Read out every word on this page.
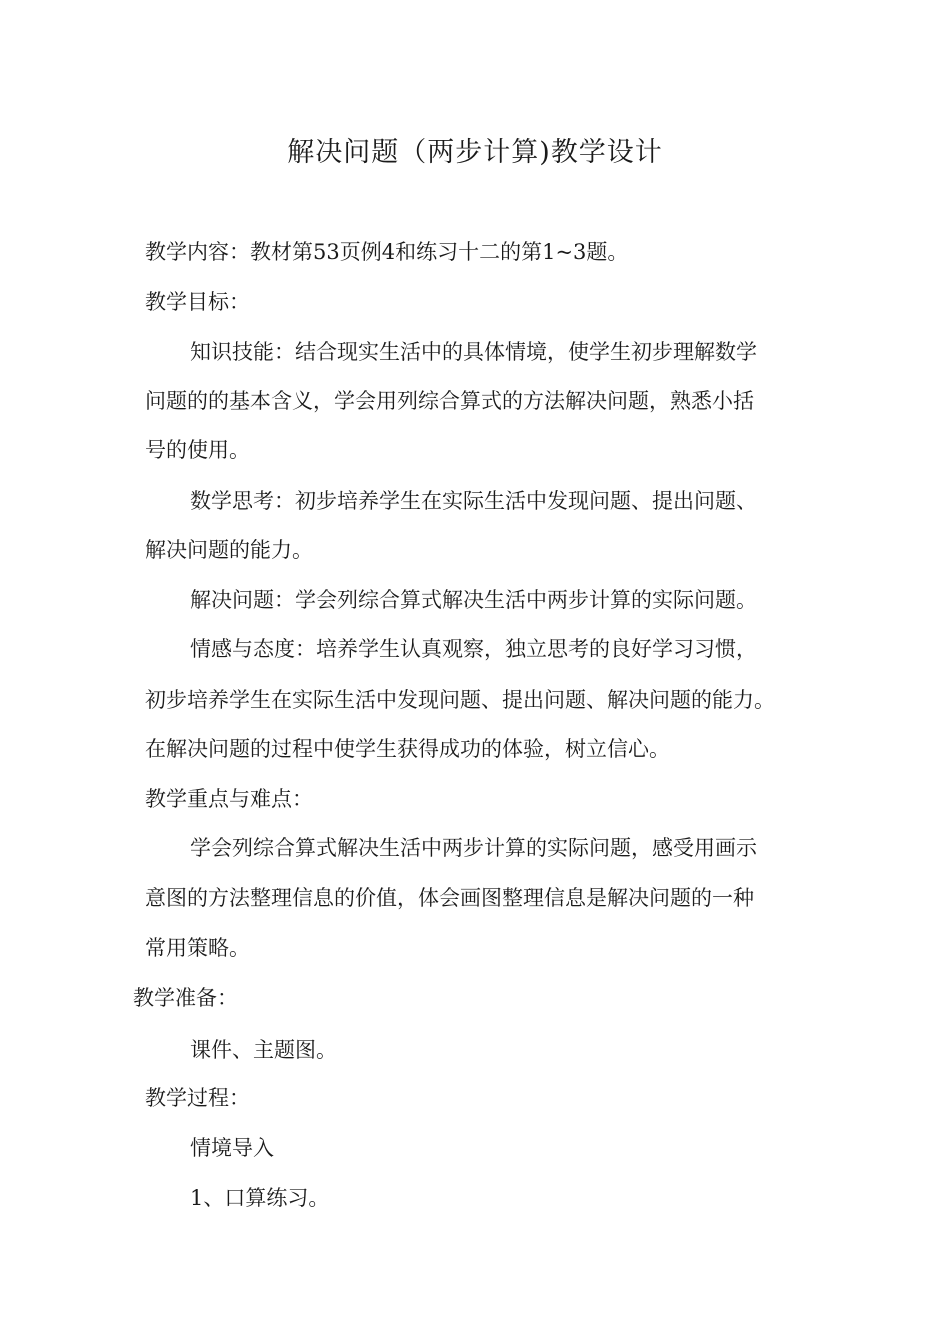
解决问题（两步计算)教学设计
教学内容：教材第53页例4和练习十二的第1~3题。
教学目标：
知识技能：结合现实生活中的具体情境，使学生初步理解数学
问题的的基本含义，学会用列综合算式的方法解决问题，熟悉小括
号的使用。
数学思考：初步培养学生在实际生活中发现问题、提出问题、
解决问题的能力。
解决问题：学会列综合算式解决生活中两步计算的实际问题。
情感与态度：培养学生认真观察，独立思考的良好学习习惯，
初步培养学生在实际生活中发现问题、提出问题、解决问题的能力。
在解决问题的过程中使学生获得成功的体验，树立信心。
教学重点与难点：
学会列综合算式解决生活中两步计算的实际问题，感受用画示
意图的方法整理信息的价值，体会画图整理信息是解决问题的一种
常用策略。
教学准备：
课件、主题图。
教学过程：
情境导入
1、口算练习。
